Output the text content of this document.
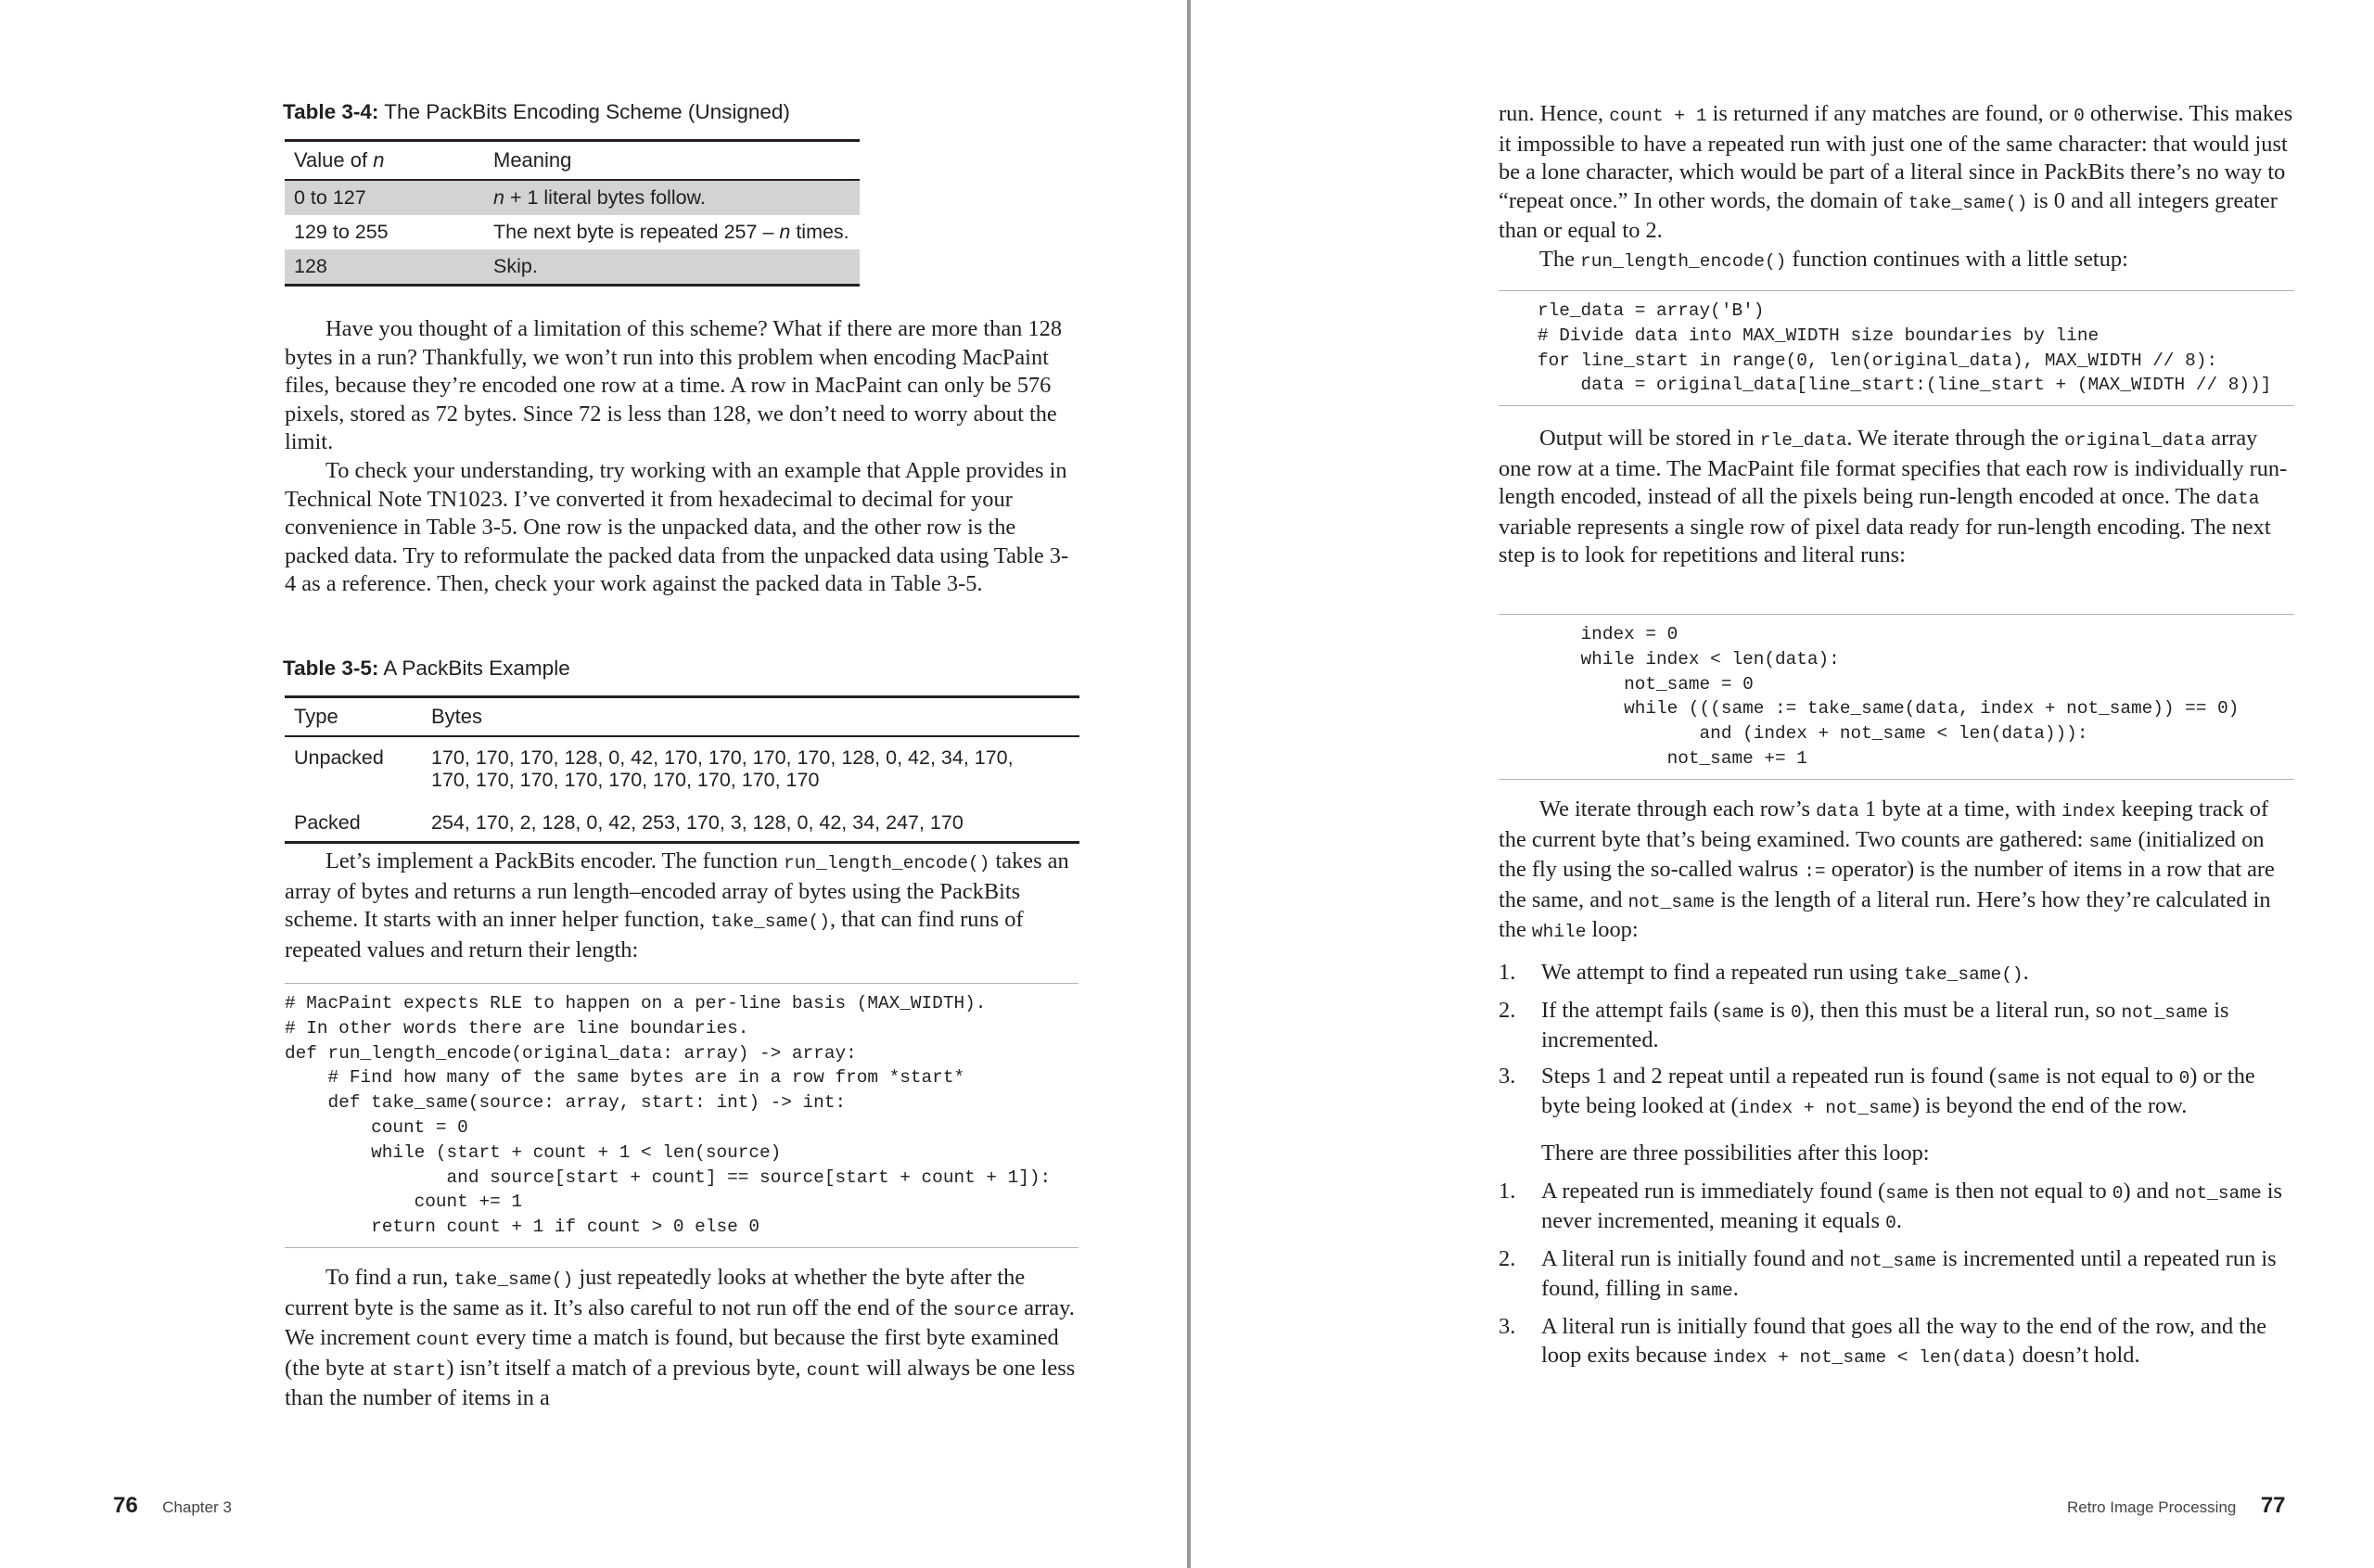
Table 3-4: The PackBits Encoding Scheme (Unsigned)
Value of n	Meaning
0 to 127	n + 1 literal bytes follow.
129 to 255	The next byte is repeated 257 – n times.
128	Skip.

Have you thought of a limitation of this scheme? What if there are more than 128 bytes in a run? Thankfully, we won’t run into this problem when encoding MacPaint files, because they’re encoded one row at a time. A row in MacPaint can only be 576 pixels, stored as 72 bytes. Since 72 is less than 128, we don’t need to worry about the limit.

To check your understanding, try working with an example that Apple provides in Technical Note TN1023. I’ve converted it from hexadecimal to decimal for your convenience in Table 3-5. One row is the unpacked data, and the other row is the packed data. Try to reformulate the packed data from the unpacked data using Table 3-4 as a reference. Then, check your work against the packed data in Table 3-5.

Table 3-5: A PackBits Example
Type	Bytes
Unpacked	170, 170, 170, 128, 0, 42, 170, 170, 170, 170, 128, 0, 42, 34, 170,
170, 170, 170, 170, 170, 170, 170, 170, 170

Packed	254, 170, 2, 128, 0, 42, 253, 170, 3, 128, 0, 42, 34, 247, 170

Let’s implement a PackBits encoder. The function run_length_encode() takes an array of bytes and returns a run length–encoded array of bytes using the PackBits scheme. It starts with an inner helper function, take_same(), that can find runs of repeated values and return their length:

# MacPaint expects RLE to happen on a per-line basis (MAX_WIDTH).
# In other words there are line boundaries.
def run_length_encode(original_data: array) -> array:
# Find how many of the same bytes are in a row from *start*
def take_same(source: array, start: int) -> int:
count = 0
while (start + count + 1 < len(source)
and source[start + count] == source[start + count + 1]):
count += 1
return count + 1 if count > 0 else 0

To find a run, take_same() just repeatedly looks at whether the byte after the current byte is the same as it. It’s also careful to not run off the end of the source array. We increment count every time a match is found, but because the first byte examined (the byte at start) isn’t itself a match of a previous byte, count will always be one less than the number of items in a

76 Chapter 3

run. Hence, count + 1 is returned if any matches are found, or 0 otherwise. This makes it impossible to have a repeated run with just one of the same character: that would just be a lone character, which would be part of a literal since in PackBits there’s no way to “repeat once.” In other words, the domain of take_same() is 0 and all integers greater than or equal to 2.

The run_length_encode() function continues with a little setup:

rle_data = array('B')
# Divide data into MAX_WIDTH size boundaries by line
for line_start in range(0, len(original_data), MAX_WIDTH // 8):
data = original_data[line_start:(line_start + (MAX_WIDTH // 8))]

Output will be stored in rle_data. We iterate through the original_data array one row at a time. The MacPaint file format specifies that each row is individually run-length encoded, instead of all the pixels being run-length encoded at once. The data variable represents a single row of pixel data ready for run-length encoding. The next step is to look for repetitions and literal runs:

index = 0
while index < len(data):
not_same = 0
while (((same := take_same(data, index + not_same)) == 0)
and (index + not_same < len(data))):
not_same += 1

We iterate through each row’s data 1 byte at a time, with index keeping track of the current byte that’s being examined. Two counts are gathered: same (initialized on the fly using the so-called walrus := operator) is the number of items in a row that are the same, and not_same is the length of a literal run. Here’s how they’re calculated in the while loop:

1. We attempt to find a repeated run using take_same().
2. If the attempt fails (same is 0), then this must be a literal run, so not_same is incremented.
3. Steps 1 and 2 repeat until a repeated run is found (same is not equal to 0) or the byte being looked at (index + not_same) is beyond the end of the row.

There are three possibilities after this loop:

1. A repeated run is immediately found (same is then not equal to 0) and not_same is never incremented, meaning it equals 0.
2. A literal run is initially found and not_same is incremented until a repeated run is found, filling in same.
3. A literal run is initially found that goes all the way to the end of the row, and the loop exits because index + not_same < len(data) doesn’t hold.
Retro Image Processing 77
